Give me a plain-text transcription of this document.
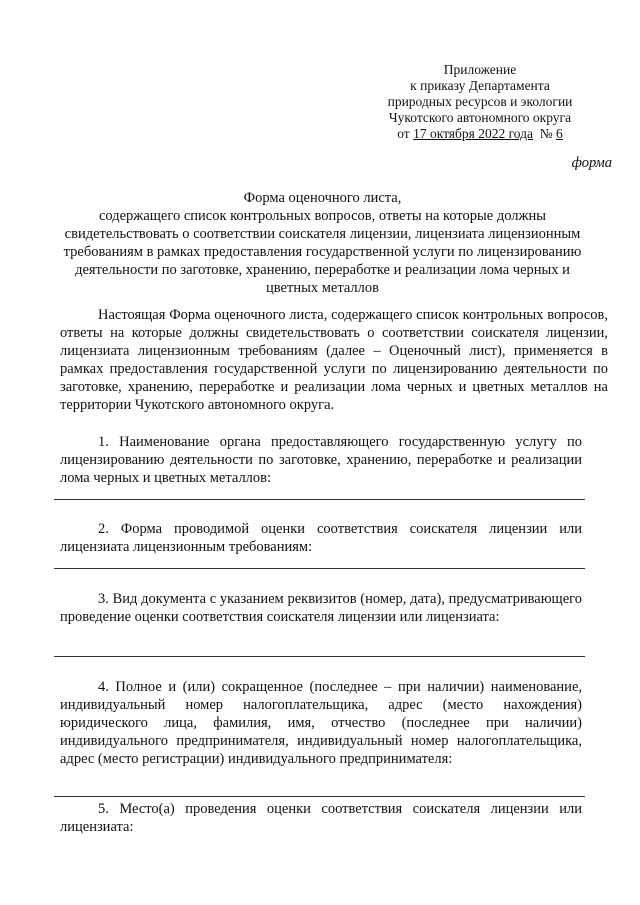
Приложение
к приказу Департамента
природных ресурсов и экологии
Чукотского автономного округа
от 17 октября 2022 года № 6
форма
Форма оценочного листа,
содержащего список контрольных вопросов, ответы на которые должны
свидетельствовать о соответствии соискателя лицензии, лицензиата лицензионным
требованиям в рамках предоставления государственной услуги по лицензированию
деятельности по заготовке, хранению, переработке и реализации лома черных и
цветных металлов
Настоящая Форма оценочного листа, содержащего список контрольных вопросов, ответы на которые должны свидетельствовать о соответствии соискателя лицензии, лицензиата лицензионным требованиям (далее – Оценочный лист), применяется в рамках предоставления государственной услуги по лицензированию деятельности по заготовке, хранению, переработке и реализации лома черных и цветных металлов на территории Чукотского автономного округа.
1. Наименование органа предоставляющего государственную услугу по лицензированию деятельности по заготовке, хранению, переработке и реализации лома черных и цветных металлов:
2. Форма проводимой оценки соответствия соискателя лицензии или лицензиата лицензионным требованиям:
3. Вид документа с указанием реквизитов (номер, дата), предусматривающего проведение оценки соответствия соискателя лицензии или лицензиата:
4. Полное и (или) сокращенное (последнее – при наличии) наименование, индивидуальный номер налогоплательщика, адрес (место нахождения) юридического лица, фамилия, имя, отчество (последнее при наличии) индивидуального предпринимателя, индивидуальный номер налогоплательщика, адрес (место регистрации) индивидуального предпринимателя:
5. Место(а) проведения оценки соответствия соискателя лицензии или лицензиата:
